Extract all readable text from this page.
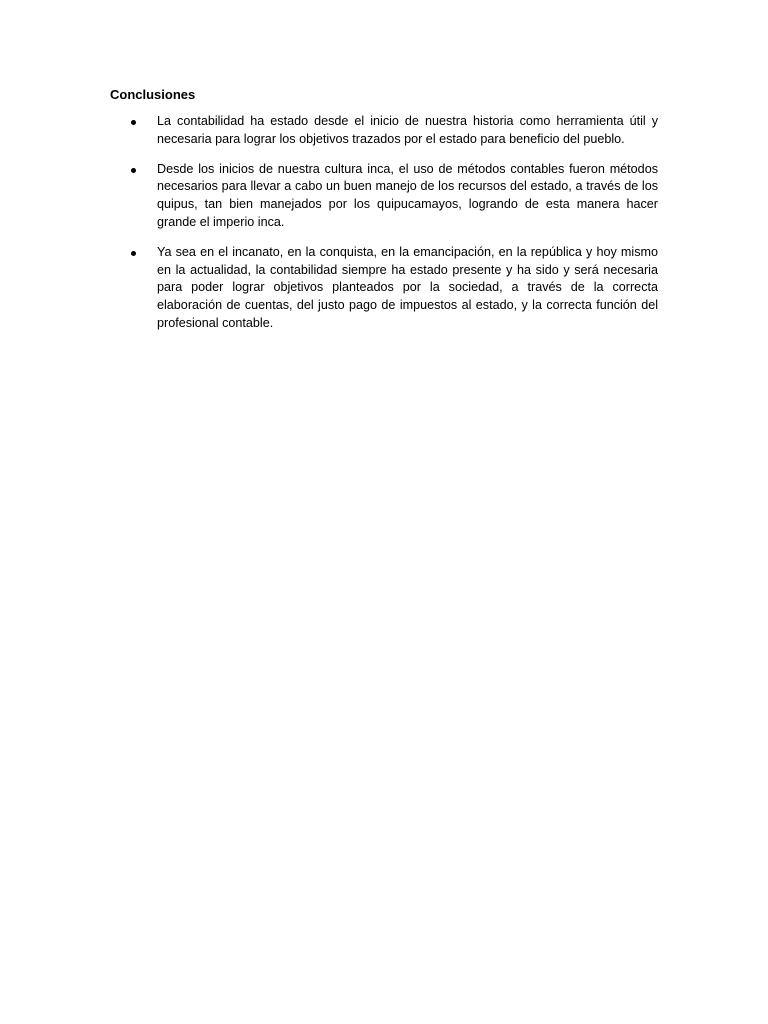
Conclusiones
La contabilidad ha estado desde el inicio de nuestra historia como herramienta útil y necesaria para lograr los objetivos trazados por el estado para beneficio del pueblo.
Desde los inicios de nuestra cultura inca, el uso de métodos contables fueron métodos necesarios para llevar a cabo un buen manejo de los recursos del estado, a través de los quipus, tan bien manejados por los quipucamayos, logrando de esta manera hacer grande el imperio inca.
Ya sea en el incanato, en la conquista, en la emancipación, en la república y hoy mismo en la actualidad, la contabilidad siempre ha estado presente y ha sido y será necesaria para poder lograr objetivos planteados por la sociedad, a través de la correcta elaboración de cuentas, del justo pago de impuestos al estado, y la correcta función del profesional contable.
